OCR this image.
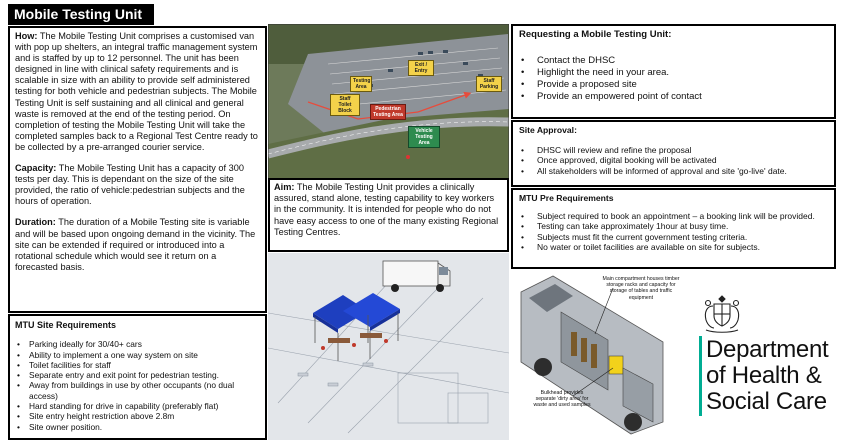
Mobile Testing Unit

How: The Mobile Testing Unit comprises a customised van with pop up shelters, an integral traffic management system and is staffed by up to 12 personnel. The unit has been designed in line with clinical safety requirements and is scalable in size with an ability to provide self administered testing for both vehicle and pedestrian subjects. The Mobile Testing Unit is self sustaining and all clinical and general waste is removed at the end of the testing period. On completion of testing the Mobile Testing Unit will take the completed samples back to a Regional Test Centre ready to be collected by a pre-arranged courier service.

Capacity: The Mobile Testing Unit has a capacity of 300 tests per day. This is dependant on the size of the site provided, the ratio of vehicle:pedestrian subjects and the hours of operation.

Duration: The duration of a Mobile Testing site is variable and will be based upon ongoing demand in the vicinity. The site can be extended if required or introduced into a rotational schedule which would see it return on a forecasted basis.

MTU Site Requirements
• Parking ideally for 30/40+ cars
• Ability to implement a one way system on site
• Toilet facilities for staff
• Separate entry and exit point for pedestrian testing.
• Away from buildings in use by other occupants (no dual access)
• Hard standing for drive in capability (preferably flat)
• Site entry height restriction above 2.8m
• Site owner position.
Staff Toilet Block
Testing Area
Exit / Entry
Pedestrian Testing Area
Vehicle Testing Area
Staff Parking
Aim: The Mobile Testing Unit provides a clinically assured, stand alone, testing capability to key workers in the community. It is intended for people who do not have easy access to one of the many existing Regional Testing Centres.
Requesting a Mobile Testing Unit:
• Contact the DHSC
• Highlight the need in your area.
• Provide a proposed site
• Provide an empowered point of contact
Site Approval:
• DHSC will review and refine the proposal
• Once approved, digital booking will be activated
• All stakeholders will be informed of approval and site 'go-live' date.
MTU Pre Requirements
• Subject required to book an appointment – a booking link will be provided.
• Testing can take approximately 1hour at busy time.
• Subjects must fit the current government testing criteria.
• No water or toilet facilities are available on site for subjects.
Main compartment houses timber storage racks and capacity for storage of tables and traffic equipment
Bulkhead provides separate 'dirty area' for waste and used samples
Department
of Health &
Social Care
